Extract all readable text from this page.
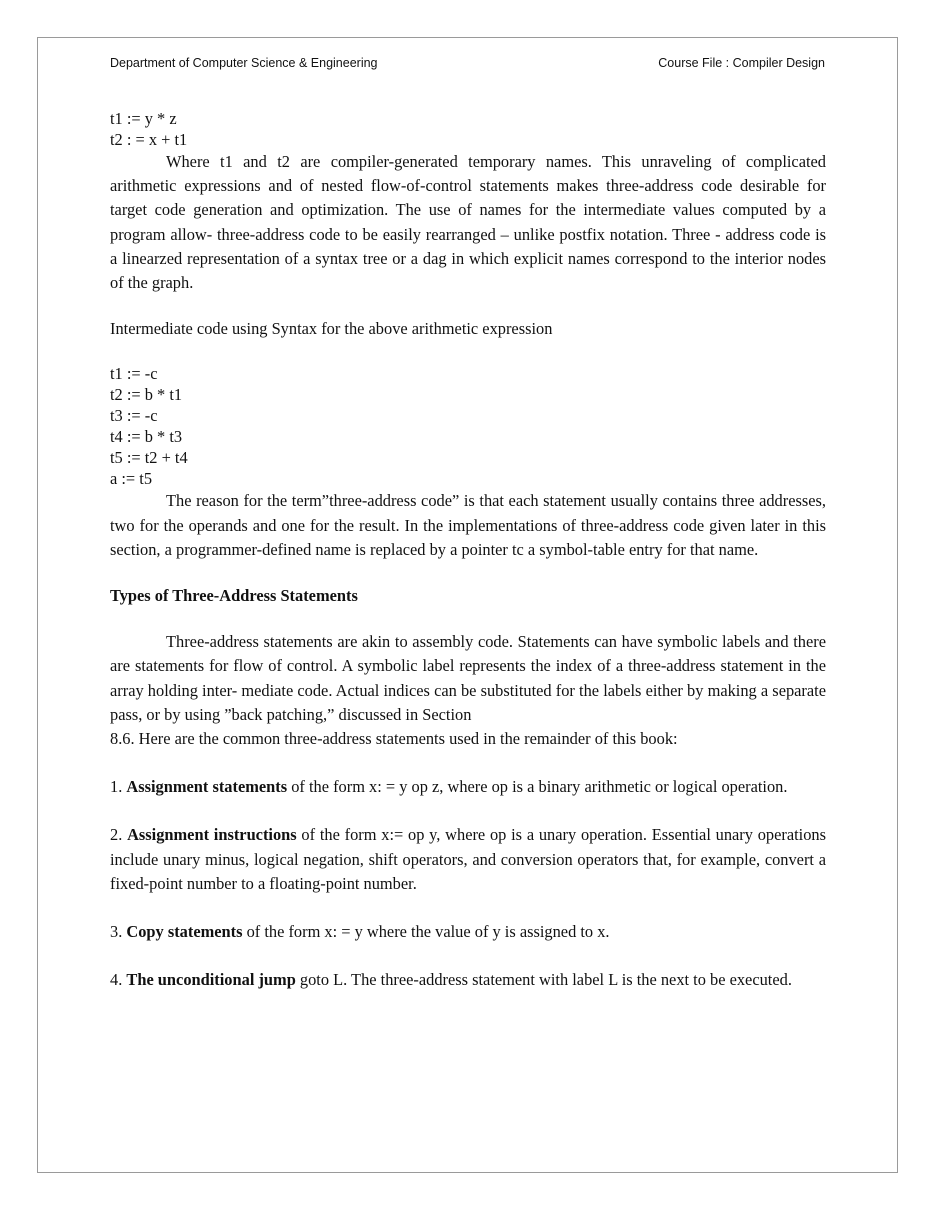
Department of Computer Science & Engineering	Course File : Compiler Design
t1 := y * z
t2 : = x + t1

Where t1 and t2 are compiler-generated temporary names. This unraveling of complicated arithmetic expressions and of nested flow-of-control statements makes three-address code desirable for target code generation and optimization. The use of names for the intermediate values computed by a program allow- three-address code to be easily rearranged – unlike postfix notation. Three - address code is a linearzed representation of a syntax tree or a dag in which explicit names correspond to the interior nodes of the graph.

Intermediate code using Syntax for the above arithmetic expression

t1 := -c
t2 := b * t1
t3 := -c
t4 := b * t3
t5 := t2 + t4
a := t5

The reason for the term”three-address code” is that each statement usually contains three addresses, two for the operands and one for the result. In the implementations of three-address code given later in this section, a programmer-defined name is replaced by a pointer tc a symbol-table entry for that name.

Types of Three-Address Statements

Three-address statements are akin to assembly code. Statements can have symbolic labels and there are statements for flow of control. A symbolic label represents the index of a three-address statement in the array holding inter- mediate code. Actual indices can be substituted for the labels either by making a separate pass, or by using ”back patching,” discussed in Section

8.6. Here are the common three-address statements used in the remainder of this book:

1. Assignment statements of the form x: = y op z, where op is a binary arithmetic or logical operation.

2. Assignment instructions of the form x:= op y, where op is a unary operation. Essential unary operations include unary minus, logical negation, shift operators, and conversion operators that, for example, convert a fixed-point number to a floating-point number.

3. Copy statements of the form x: = y where the value of y is assigned to x.

4. The unconditional jump goto L. The three-address statement with label L is the next to be executed.
